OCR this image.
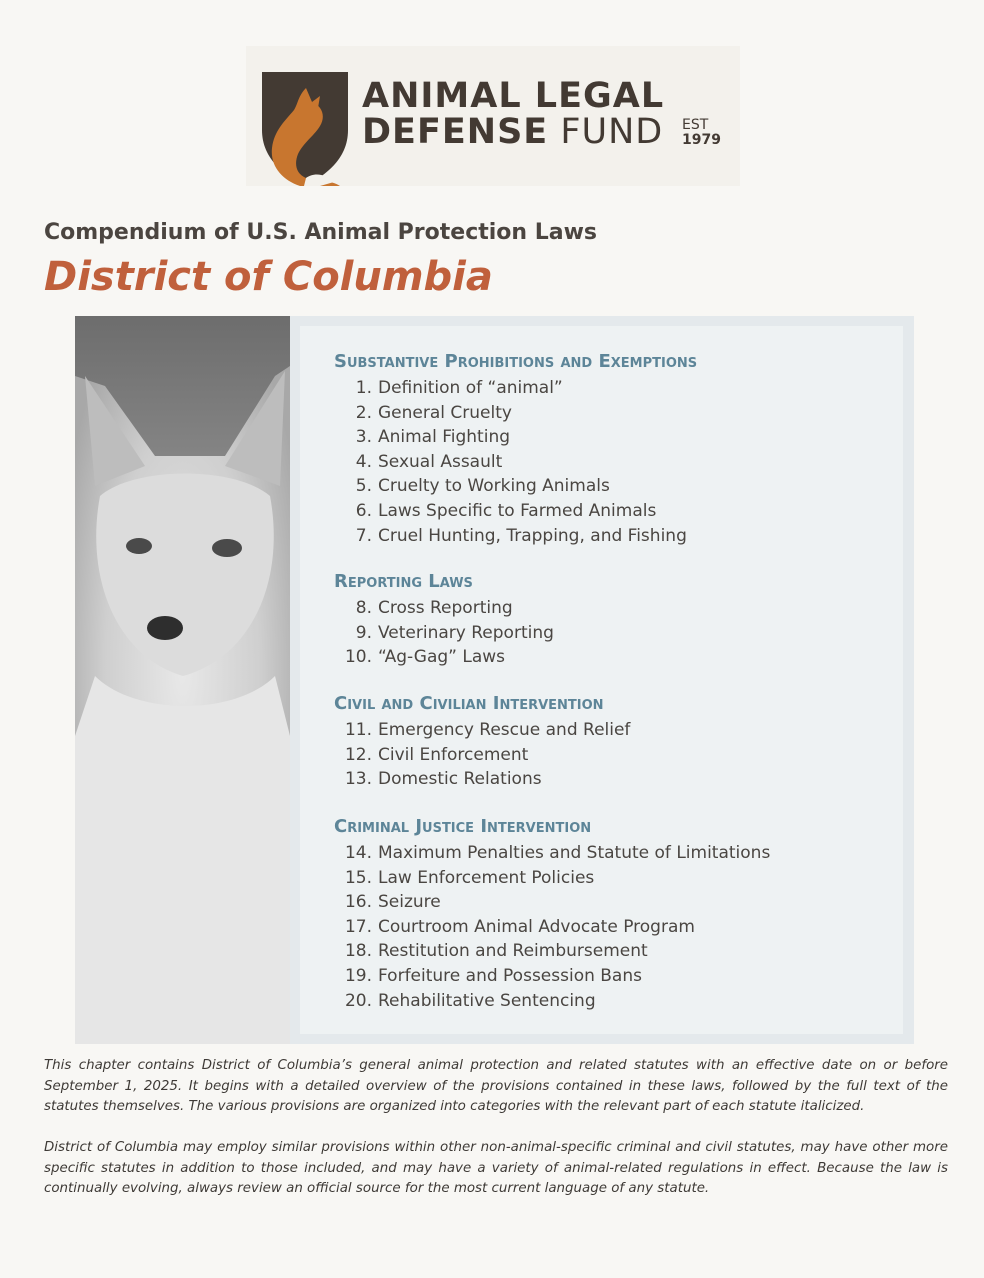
ANIMAL LEGAL
DEFENSE FUND EST
1979
Compendium of U.S. Animal Protection Laws
District of Columbia
Substantive Prohibitions and Exemptions
1. Definition of “animal”
2. General Cruelty
3. Animal Fighting
4. Sexual Assault
5. Cruelty to Working Animals
6. Laws Specific to Farmed Animals
7. Cruel Hunting, Trapping, and Fishing
Reporting Laws
8. Cross Reporting
9. Veterinary Reporting
10. “Ag-Gag” Laws
Civil and Civilian Intervention
11. Emergency Rescue and Relief
12. Civil Enforcement
13. Domestic Relations
Criminal Justice Intervention
14. Maximum Penalties and Statute of Limitations
15. Law Enforcement Policies
16. Seizure
17. Courtroom Animal Advocate Program
18. Restitution and Reimbursement
19. Forfeiture and Possession Bans
20. Rehabilitative Sentencing

This chapter contains District of Columbia’s general animal protection and related statutes with an effective date on or before September 1, 2025. It begins with a detailed overview of the provisions contained in these laws, followed by the full text of the statutes themselves. The various provisions are organized into categories with the relevant part of each statute italicized.

District of Columbia may employ similar provisions within other non-animal-specific criminal and civil statutes, may have other more specific statutes in addition to those included, and may have a variety of animal-related regulations in effect. Because the law is continually evolving, always review an official source for the most current language of any statute.
